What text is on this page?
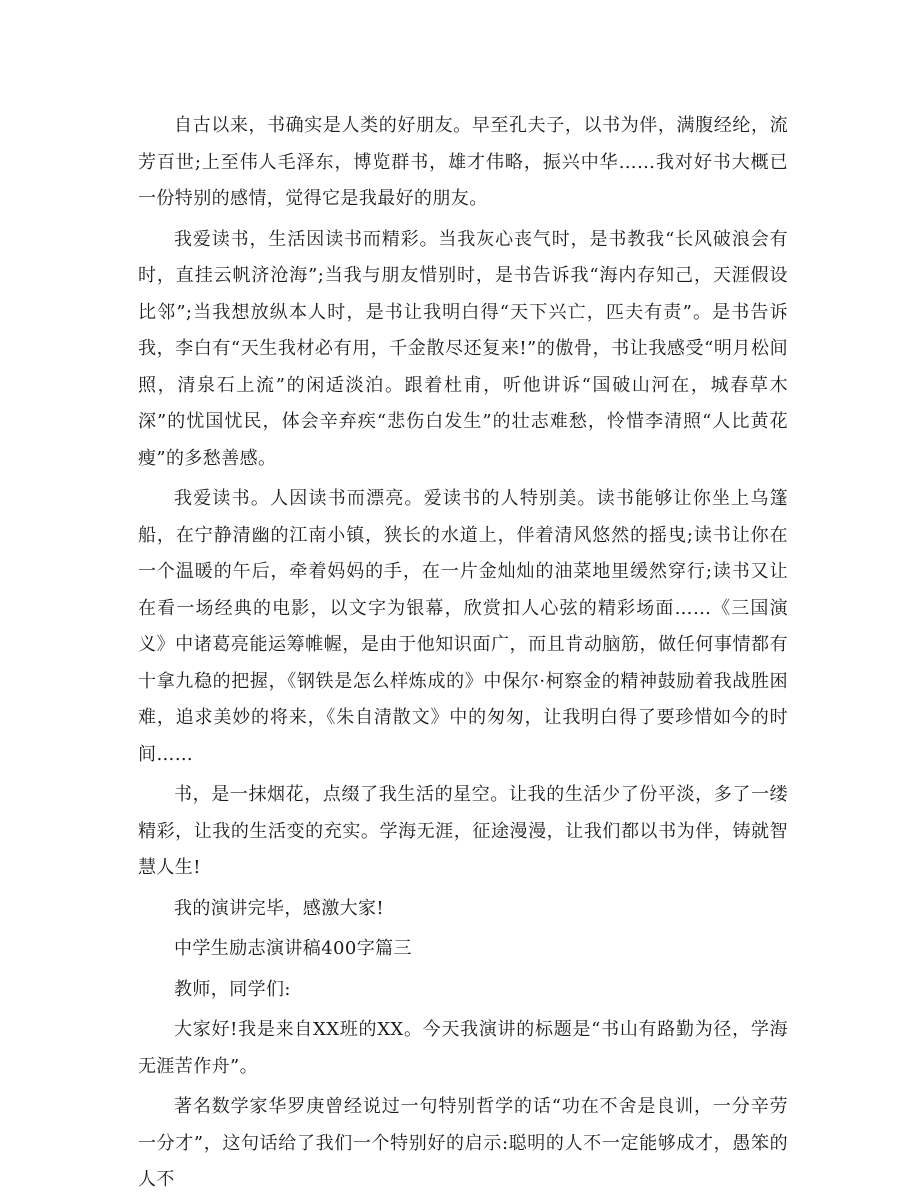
自古以来，书确实是人类的好朋友。早至孔夫子，以书为伴，满腹经纶，流芳百世;上至伟人毛泽东，博览群书，雄才伟略，振兴中华……我对好书大概已一份特别的感情，觉得它是我最好的朋友。

我爱读书，生活因读书而精彩。当我灰心丧气时，是书教我“长风破浪会有时，直挂云帆济沧海”;当我与朋友惜别时，是书告诉我“海内存知己，天涯假设比邻”;当我想放纵本人时，是书让我明白得“天下兴亡，匹夫有责”。是书告诉我，李白有“天生我材必有用，千金散尽还复来!”的傲骨，书让我感受“明月松间照，清泉石上流”的闲适淡泊。跟着杜甫，听他讲诉“国破山河在，城春草木深”的忧国忧民，体会辛弃疾“悲伤白发生”的壮志难愁，怜惜李清照“人比黄花瘦”的多愁善感。

我爱读书。人因读书而漂亮。爱读书的人特别美。读书能够让你坐上乌篷船，在宁静清幽的江南小镇，狭长的水道上，伴着清风悠然的摇曳;读书让你在一个温暖的午后，牵着妈妈的手，在一片金灿灿的油菜地里缓然穿行;读书又让在看一场经典的电影，以文字为银幕，欣赏扣人心弦的精彩场面……《三国演义》中诸葛亮能运筹帷幄，是由于他知识面广，而且肯动脑筋，做任何事情都有十拿九稳的把握，《钢铁是怎么样炼成的》中保尔·柯察金的精神鼓励着我战胜困难，追求美妙的将来，《朱自清散文》中的匆匆，让我明白得了要珍惜如今的时间……

书，是一抹烟花，点缀了我生活的星空。让我的生活少了份平淡，多了一缕精彩，让我的生活变的充实。学海无涯，征途漫漫，让我们都以书为伴，铸就智慧人生!

我的演讲完毕，感激大家!

中学生励志演讲稿400字篇三

教师，同学们:

大家好!我是来自XX班的XX。今天我演讲的标题是“书山有路勤为径，学海无涯苦作舟”。

著名数学家华罗庚曾经说过一句特别哲学的话“功在不舍是良训，一分辛劳一分才”，这句话给了我们一个特别好的启示:聪明的人不一定能够成才，愚笨的人不
